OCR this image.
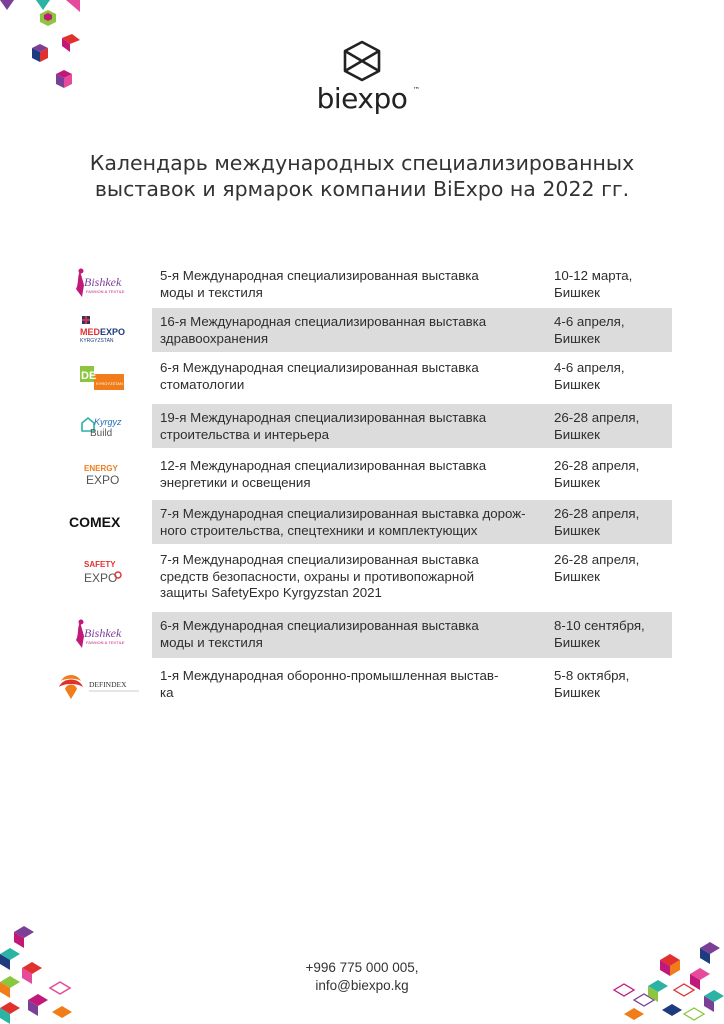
biexpo ™
Календарь международных специализированных
выставок и ярмарок компании BiExpo на 2022 гг.
Bishkek
FASHION & TEXTILE
5-я Международная специализированная выставка
моды и текстиля
10-12 марта,
Бишкек
MED EXPO
KYRGYZSTAN
16-я Международная специализированная выставка
здравоохранения
4-6 апреля,
Бишкек
DE
KYRGYZSTAN
6-я Международная специализированная выставка
стоматологии
4-6 апреля,
Бишкек
Kyrgyz
Build
19-я Международная специализированная выставка
строительства и интерьера
26-28 апреля,
Бишкек
ENERGY
EXPO
12-я Международная специализированная выставка
энергетики и освещения
26-28 апреля,
Бишкек
COMEX
7-я Международная специализированная выставка дорож-
ного строительства, спецтехники и комплектующих
26-28 апреля,
Бишкек
SAFETY
EXPO
7-я Международная специализированная выставка
средств безопасности, охраны и противопожарной
защиты SafetyExpo Kyrgyzstan 2021
26-28 апреля,
Бишкек
Bishkek
FASHION & TEXTILE
6-я Международная специализированная выставка
моды и текстиля
8-10 сентября,
Бишкек
DEFINDEX
1-я Международная оборонно-промышленная выстав-
ка
5-8 октября,
Бишкек
+996 775 000 005,
info@biexpo.kg
